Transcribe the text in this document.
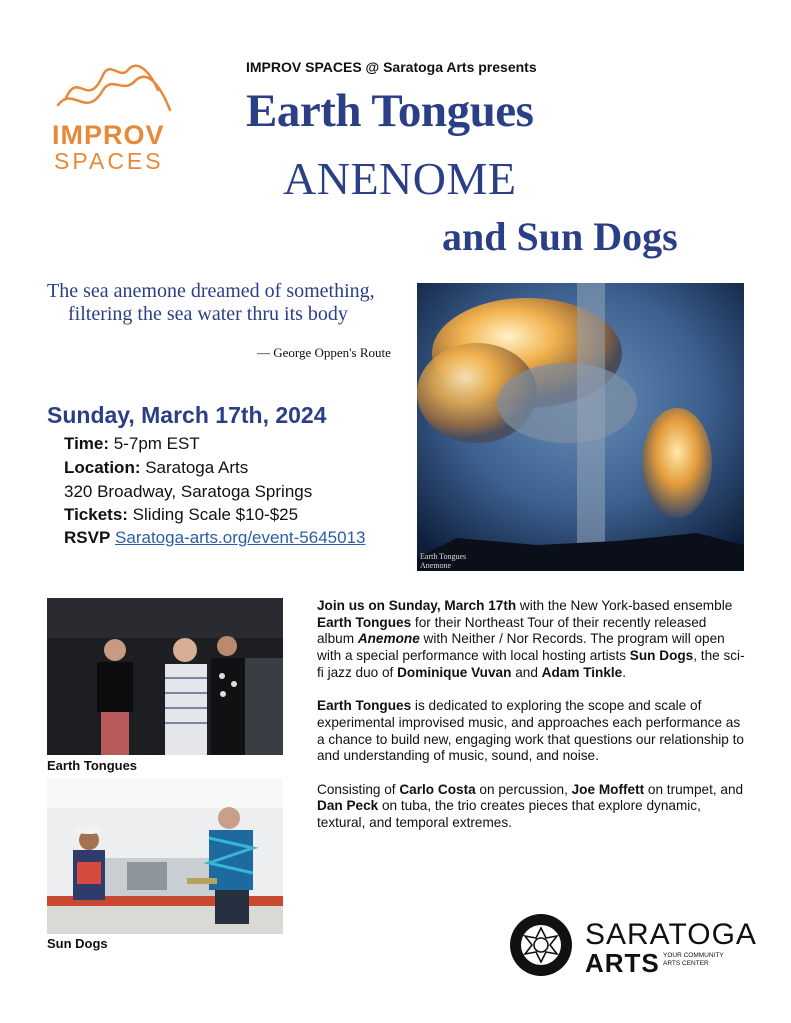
IMPROV
SPACES
IMPROV SPACES @ Saratoga Arts presents
Earth Tongues
ANENOME
and Sun Dogs
The sea anemone dreamed of something,
filtering the sea water thru its body
— George Oppen's Route
Sunday, March 17th, 2024
Time: 5-7pm EST
Location: Saratoga Arts
320 Broadway, Saratoga Springs
Tickets: Sliding Scale $10-$25
RSVP Saratoga-arts.org/event-5645013
Earth Tongues
Anemone
Earth Tongues
Sun Dogs

Join us on Sunday, March 17th with the New York-based ensemble Earth Tongues for their Northeast Tour of their recently released album Anemone with Neither / Nor Records. The program will open with a special performance with local hosting artists Sun Dogs, the sci-fi jazz duo of Dominique Vuvan and Adam Tinkle.

Earth Tongues is dedicated to exploring the scope and scale of experimental improvised music, and approaches each performance as a chance to build new, engaging work that questions our relationship to and understanding of music, sound, and noise.

Consisting of Carlo Costa on percussion, Joe Moffett on trumpet, and Dan Peck on tuba, the trio creates pieces that explore dynamic, textural, and temporal extremes.

SARATOGA
ARTS YOUR COMMUNITY
ARTS CENTER
